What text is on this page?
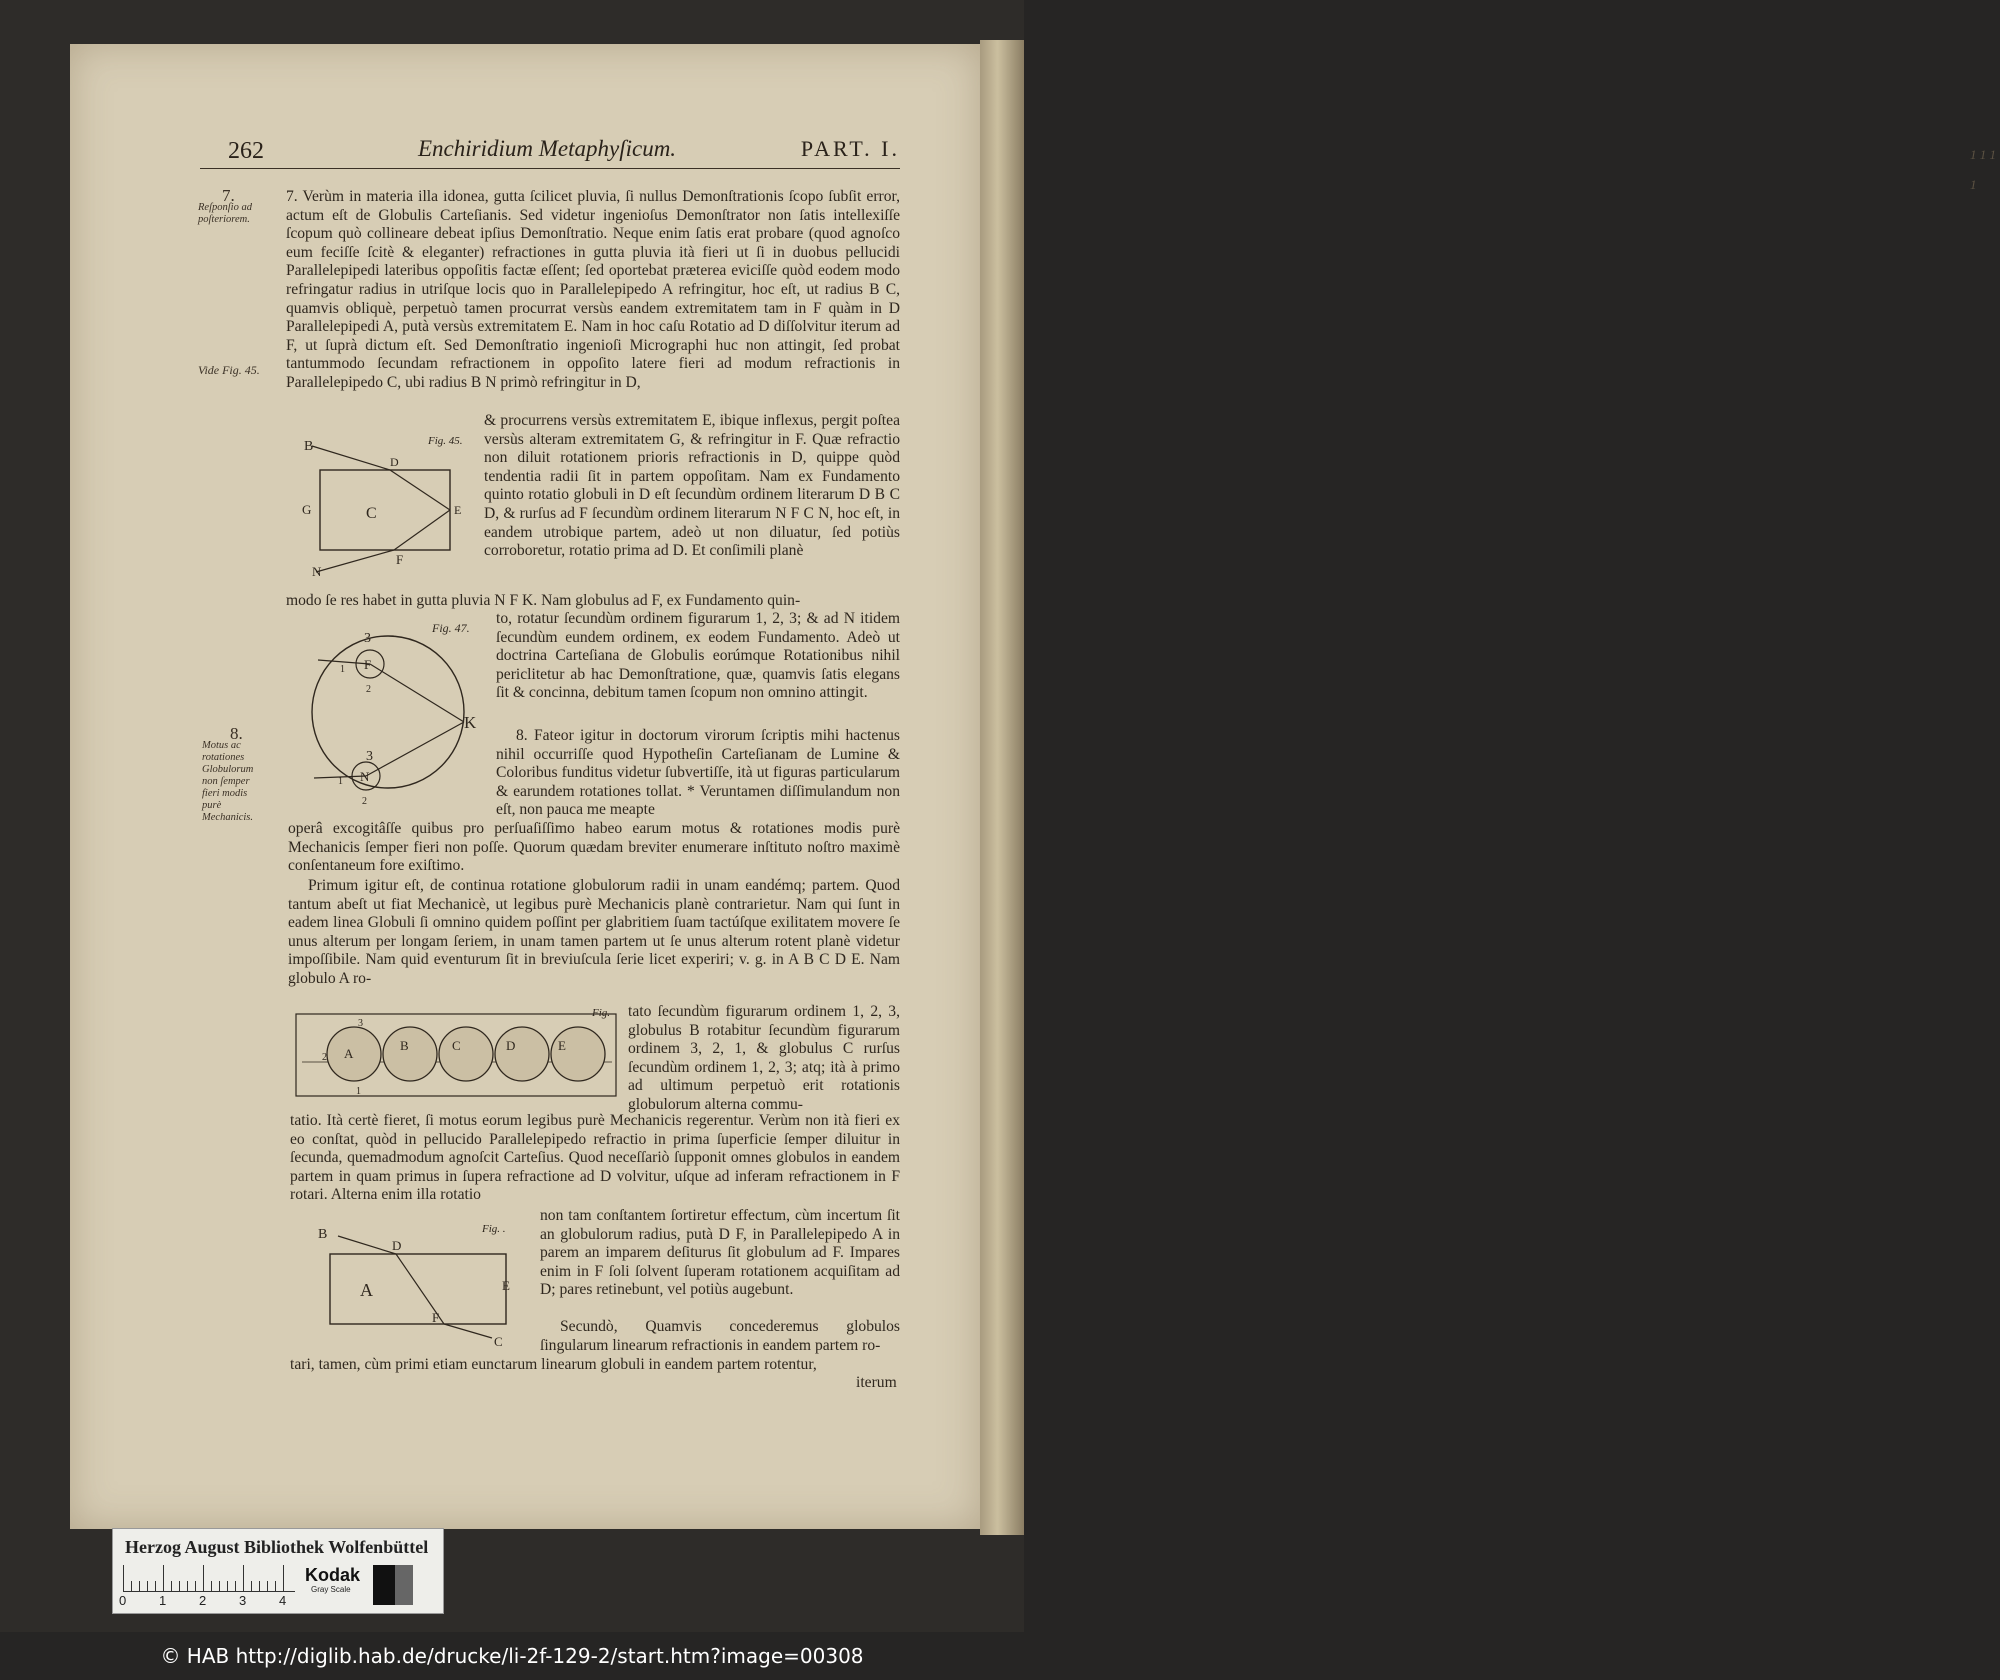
1 1 1 1
262	Enchiridium Metaphyſicum.	PART. I.
7.
Reſponſio ad poſteriorem.
Vide Fig. 45.
8.
Motus ac rotationes Globulorum non ſemper fieri modis purè Mechanicis.

7. Verùm in materia illa idonea, gutta ſcilicet pluvia, ſi nullus Demonſtrationis ſcopo ſubſit error, actum eſt de Globulis Carteſianis. Sed videtur ingenioſus Demonſtrator non ſatis intellexiſſe ſcopum quò collineare debeat ipſius Demonſtratio. Neque enim ſatis erat probare (quod agnoſco eum feciſſe ſcitè & eleganter) refractiones in gutta pluvia ità fieri ut ſi in duobus pellucidi Parallelepipedi lateribus oppoſitis factæ eſſent; ſed oportebat præterea eviciſſe quòd eodem modo refringatur radius in utriſque locis quo in Parallelepipedo A refringitur, hoc eſt, ut radius B C, quamvis obliquè, perpetuò tamen procurrat versùs eandem extremitatem tam in F quàm in D Parallelepipedi A, putà versùs extremitatem E. Nam in hoc caſu Rotatio ad D diſſolvitur iterum ad F, ut ſuprà dictum eſt. Sed Demonſtratio ingenioſi Micrographi huc non attingit, ſed probat tantummodo ſecundam refractionem in oppoſito latere fieri ad modum refractionis in Parallelepipedo C, ubi radius B N primò refringitur in D,

B
D
G	C	E
N
F
Fig. 45.

& procurrens versùs extremitatem E, ibique inflexus, pergit poſtea versùs alteram extremitatem G, & refringitur in F. Quæ refractio non diluit rotationem prioris refractionis in D, quippe quòd tendentia radii ſit in partem oppoſitam. Nam ex Fundamento quinto rotatio globuli in D eſt ſecundùm ordinem literarum D B C D, & rurſus ad F ſecundùm ordinem literarum N F C N, hoc eſt, in eandem utrobique partem, adeò ut non diluatur, ſed potiùs corroboretur, rotatio prima ad D. Et conſimili planè

modo ſe res habet in gutta pluvia N F K. Nam globulus ad F, ex Fundamento quin-

3
F
1
2
K
3
N
1
2
Fig. 47.

to, rotatur ſecundùm ordinem figurarum 1, 2, 3; & ad N itidem ſecundùm eundem ordinem, ex eodem Fundamento. Adeò ut doctrina Carteſiana de Globulis eorúmque Rotationibus nihil periclitetur ab hac Demonſtratione, quæ, quamvis ſatis elegans ſit & concinna, debitum tamen ſcopum non omnino attingit.

8. Fateor igitur in doctorum virorum ſcriptis mihi hactenus nihil occurriſſe quod Hypotheſin Carteſianam de Lumine & Coloribus funditus videtur ſubvertiſſe, ità ut figuras particularum & earundem rotationes tollat. * Veruntamen diſſimulandum non eſt, non pauca me meapte

operâ excogitâſſe quibus pro perſuaſiſſimo habeo earum motus & rotationes modis purè Mechanicis ſemper fieri non poſſe. Quorum quædam breviter enumerare inſtituto noſtro maximè conſentaneum fore exiſtimo.

Primum igitur eſt, de continua rotatione globulorum radii in unam eandémq; partem. Quod tantum abeſt ut fiat Mechanicè, ut legibus purè Mechanicis planè contrarietur. Nam qui ſunt in eadem linea Globuli ſi omnino quidem poſſint per glabritiem ſuam tactúſque exilitatem movere ſe unus alterum per longam ſeriem, in unam tamen partem ut ſe unus alterum rotent planè videtur impoſſibile. Nam quid eventurum ſit in breviuſcula ſerie licet experiri; v. g. in A B C D E. Nam globulo A ro-

A
B	C	D	E
1
2
3
Fig. tato ſecundùm figurarum ordinem 1, 2, 3, globulus B rotabitur ſecundùm figurarum ordinem 3, 2, 1, & globulus C rurſus ſecundùm ordinem 1, 2, 3; atq; ità à primo ad ultimum perpetuò erit rotationis globulorum alterna commu-

tatio. Ità certè fieret, ſi motus eorum legibus purè Mechanicis regerentur. Verùm non ità fieri ex eo conſtat, quòd in pellucido Parallelepipedo refractio in prima ſuperficie ſemper diluitur in ſecunda, quemadmodum agnoſcit Carteſius. Quod neceſſariò ſupponit omnes globulos in eandem partem in quam primus in ſupera refractione ad D volvitur, uſque ad inferam refractionem in F rotari. Alterna enim illa rotatio

B
D
A	E
F
C
Fig. .

non tam conſtantem ſortiretur effectum, cùm incertum ſit an globulorum radius, putà D F, in Parallelepipedo A in parem an imparem deſiturus ſit globulum ad F. Impares enim in F ſoli ſolvent ſuperam rotationem acquiſitam ad D; pares retinebunt, vel potiùs augebunt.

Secundò, Quamvis concederemus globulos ſingularum linearum refractionis in eandem partem ro-

tari, tamen, cùm primi etiam eunctarum linearum globuli in eandem partem rotentur,

iterum
Herzog August Bibliothek Wolfenbüttel
0	1	2	3	4
Kodak
Gray Scale
© HAB http://diglib.hab.de/drucke/li-2f-129-2/start.htm?image=00308
